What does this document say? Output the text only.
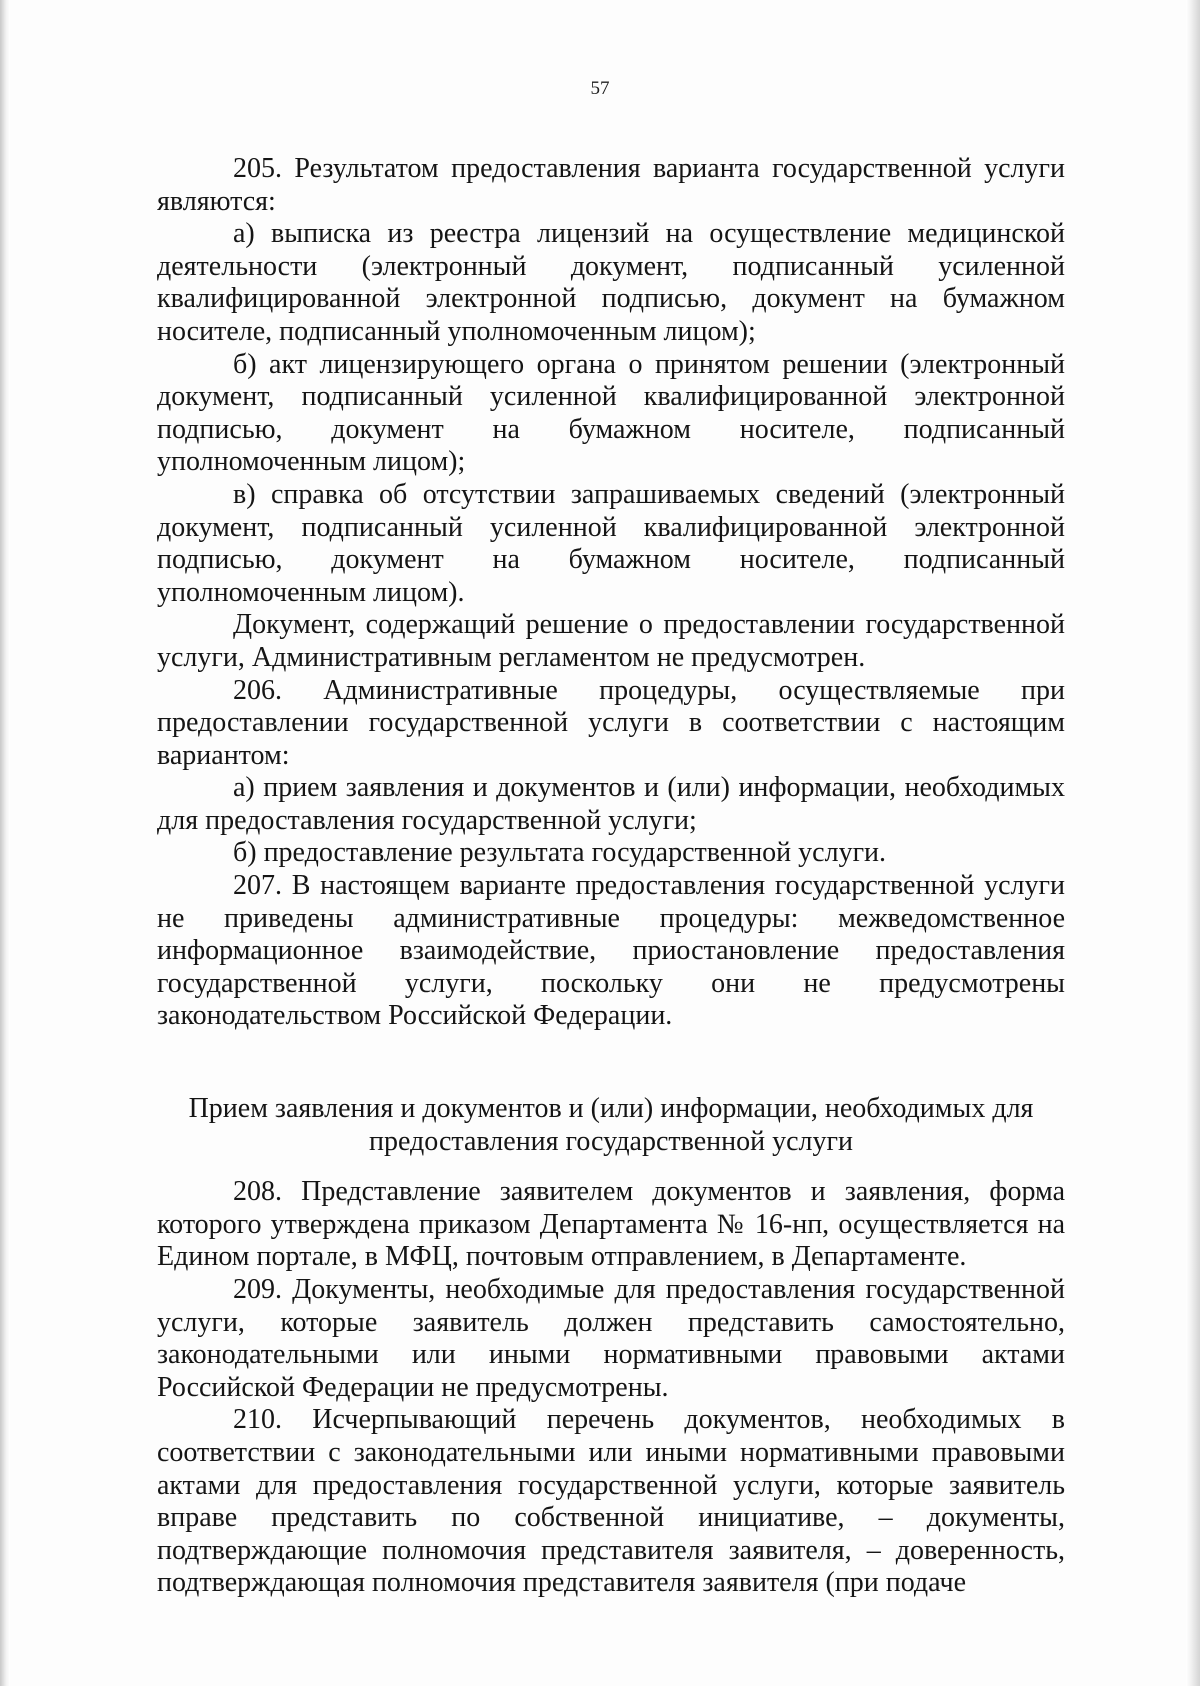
57

205. Результатом предоставления варианта государственной услуги являются:

а) выписка из реестра лицензий на осуществление медицинской деятельности (электронный документ, подписанный усиленной квалифицированной электронной подписью, документ на бумажном носителе, подписанный уполномоченным лицом);

б) акт лицензирующего органа о принятом решении (электронный документ, подписанный усиленной квалифицированной электронной подписью, документ на бумажном носителе, подписанный уполномоченным лицом);

в) справка об отсутствии запрашиваемых сведений (электронный документ, подписанный усиленной квалифицированной электронной подписью, документ на бумажном носителе, подписанный уполномоченным лицом).

Документ, содержащий решение о предоставлении государственной услуги, Административным регламентом не предусмотрен.

206. Административные процедуры, осуществляемые при предоставлении государственной услуги в соответствии с настоящим вариантом:

а) прием заявления и документов и (или) информации, необходимых для предоставления государственной услуги;

б) предоставление результата государственной услуги.

207. В настоящем варианте предоставления государственной услуги не приведены административные процедуры: межведомственное информационное взаимодействие, приостановление предоставления государственной услуги, поскольку они не предусмотрены законодательством Российской Федерации.

Прием заявления и документов и (или) информации, необходимых для предоставления государственной услуги

208. Представление заявителем документов и заявления, форма которого утверждена приказом Департамента № 16-нп, осуществляется на Едином портале, в МФЦ, почтовым отправлением, в Департаменте.

209. Документы, необходимые для предоставления государственной услуги, которые заявитель должен представить самостоятельно, законодательными или иными нормативными правовыми актами Российской Федерации не предусмотрены.

210. Исчерпывающий перечень документов, необходимых в соответствии с законодательными или иными нормативными правовыми актами для предоставления государственной услуги, которые заявитель вправе представить по собственной инициативе, – документы, подтверждающие полномочия представителя заявителя, – доверенность, подтверждающая полномочия представителя заявителя (при подаче
